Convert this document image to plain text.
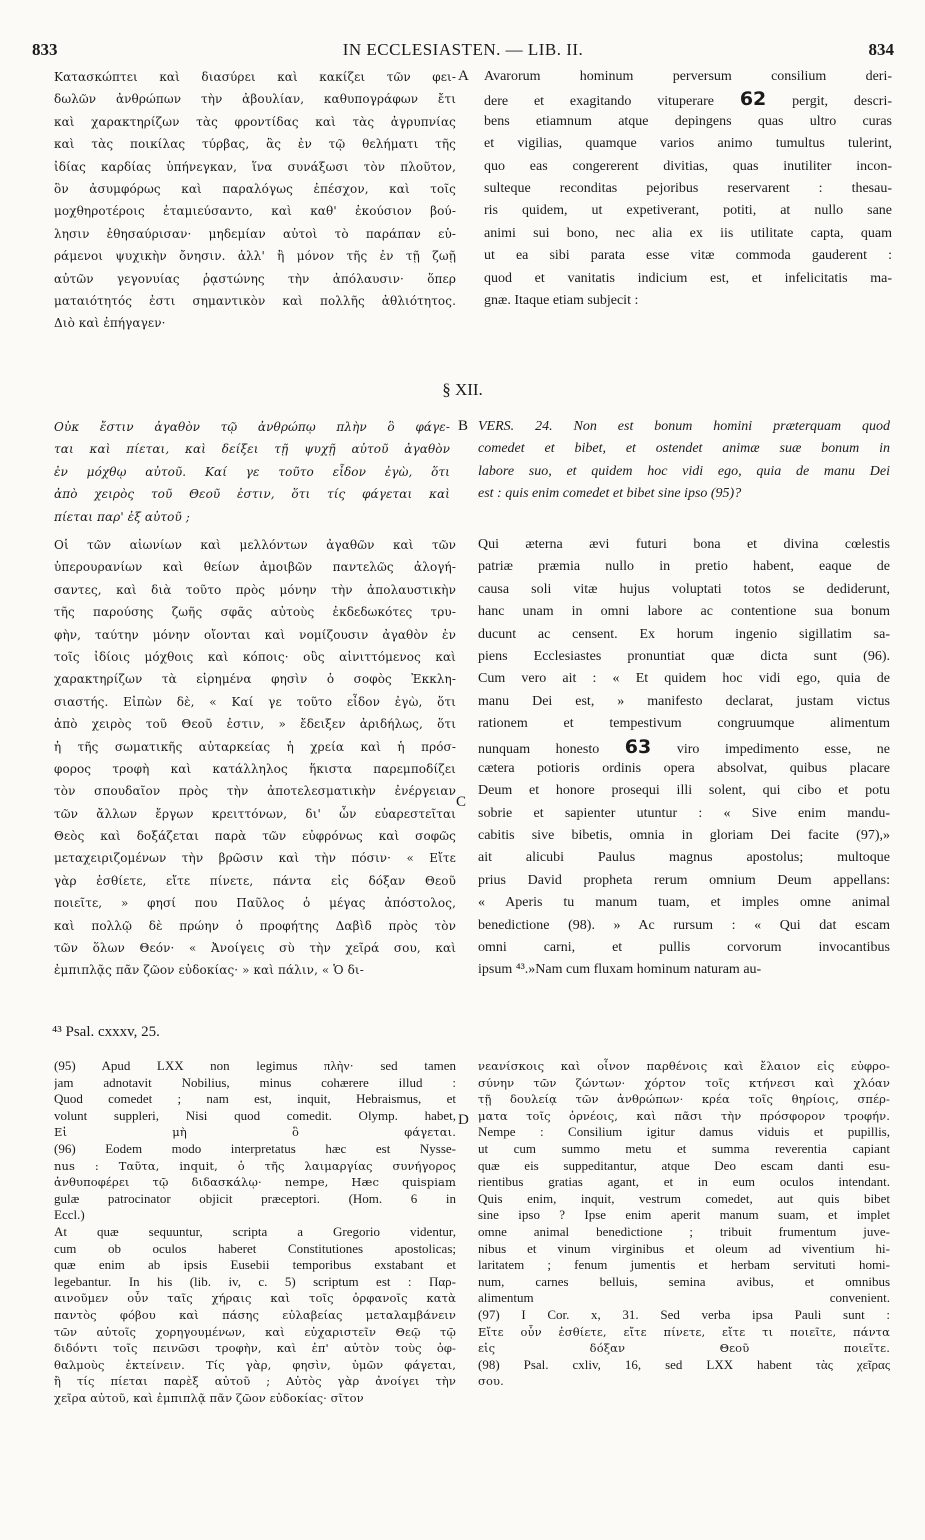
833	IN ECCLESIASTEN. — LIB. II.	834
Κατασκώπτει καὶ διασύρει καὶ κακίζει τῶν φει-
δωλῶν ἀνθρώπων τὴν ἀβουλίαν, καθυπογράφων ἔτι
καὶ χαρακτηρίζων τὰς φροντίδας καὶ τὰς ἀγρυπνίας
καὶ τὰς ποικίλας τύρβας, ἃς ἐν τῷ θελήματι τῆς
ἰδίας καρδίας ὑπήνεγκαν, ἵνα συνάξωσι τὸν πλοῦτον,
ὃν ἀσυμφόρως καὶ παραλόγως ἐπέσχον, καὶ τοῖς
μοχθηροτέροις ἐταμιεύσαντο, καὶ καθ' ἑκούσιον βού-
λησιν ἐθησαύρισαν· μηδεμίαν αὐτοὶ τὸ παράπαν εὑ-
ράμενοι ψυχικὴν ὄνησιν. ἀλλ' ἢ μόνον τῆς ἐν τῇ ζωῇ
αὐτῶν γεγονυίας ῥᾳστώνης τὴν ἀπόλαυσιν· ὅπερ
ματαιότητός ἐστι σημαντικὸν καὶ πολλῆς ἀθλιότητος.
Διὸ καὶ ἐπήγαγεν·
A Avarorum hominum perversum consilium deri-
dere et exagitando vituperare 62 pergit, descri-
bens etiamnum atque depingens quas ultro curas
et vigilias, quamque varios animo tumultus tulerint,
quo eas congererent divitias, quas inutiliter incon-
sulteque reconditas pejoribus reservarent : thesau-
ris quidem, ut expetiverant, potiti, at nullo sane
animi sui bono, nec alia ex iis utilitate capta, quam
ut ea sibi parata esse vitæ commoda gauderent :
quod et vanitatis indicium est, et infelicitatis ma-
gnæ. Itaque etiam subjecit :
§ XII.
Οὐκ ἔστιν ἀγαθὸν τῷ ἀνθρώπῳ πλὴν ὃ φάγε-
ται καὶ πίεται, καὶ δείξει τῇ ψυχῇ αὐτοῦ ἀγαθὸν
ἐν μόχθῳ αὐτοῦ. Καί γε τοῦτο εἶδον ἐγὼ, ὅτι
ἀπὸ χειρὸς τοῦ Θεοῦ ἐστιν, ὅτι τίς φάγεται καὶ
πίεται παρ' ἐξ αὐτοῦ ;
B VERS. 24. Non est bonum homini præterquam quod
comedet et bibet, et ostendet animæ suæ bonum in
labore suo, et quidem hoc vidi ego, quia de manu Dei
est : quis enim comedet et bibet sine ipso (95)?
Οἱ τῶν αἰωνίων καὶ μελλόντων ἀγαθῶν καὶ τῶν
ὑπερουρανίων καὶ θείων ἀμοιβῶν παντελῶς ἀλογή-
σαντες, καὶ διὰ τοῦτο πρὸς μόνην τὴν ἀπολαυστικὴν
τῆς παρούσης ζωῆς σφᾶς αὐτοὺς ἐκδεδωκότες τρυ-
φὴν, ταύτην μόνην οἴονται καὶ νομίζουσιν ἀγαθὸν ἐν
τοῖς ἰδίοις μόχθοις καὶ κόποις· οὓς αἰνιττόμενος καὶ
χαρακτηρίζων τὰ εἰρημένα φησὶν ὁ σοφὸς Ἐκκλη-
σιαστής. Εἰπὼν δὲ, « Καί γε τοῦτο εἶδον ἐγὼ, ὅτι
ἀπὸ χειρὸς τοῦ Θεοῦ ἐστιν, » ἔδειξεν ἀριδήλως, ὅτι
ἡ τῆς σωματικῆς αὐταρκείας ἡ χρεία καὶ ἡ πρόσ-
φορος τροφὴ καὶ κατάλληλος ἥκιστα παρεμποδίζει
τὸν σπουδαῖον πρὸς τὴν ἀποτελεσματικὴν ἐνέργειαν
τῶν ἄλλων ἔργων κρειττόνων, δι' ὧν εὐαρεστεῖται
Θεὸς καὶ δοξάζεται παρὰ τῶν εὐφρόνως καὶ σοφῶς
μεταχειριζομένων τὴν βρῶσιν καὶ τὴν πόσιν· « Εἴτε
γὰρ ἐσθίετε, εἴτε πίνετε, πάντα εἰς δόξαν Θεοῦ
ποιεῖτε, » φησί που Παῦλος ὁ μέγας ἀπόστολος,
καὶ πολλῷ δὲ πρώην ὁ προφήτης Δαβὶδ πρὸς τὸν
τῶν ὅλων Θεόν· « Ἀνοίγεις σὺ τὴν χεῖρά σου, καὶ
ἐμπιπλᾷς πᾶν ζῶον εὐδοκίας· » καὶ πάλιν, « Ὁ δι-
C
Qui æterna ævi futuri bona et divina cœlestis
patriæ præmia nullo in pretio habent, eaque de
causa soli vitæ hujus voluptati totos se dediderunt,
hanc unam in omni labore ac contentione sua bonum
ducunt ac censent. Ex horum ingenio sigillatim sa-
piens Ecclesiastes pronuntiat quæ dicta sunt (96).
Cum vero ait : « Et quidem hoc vidi ego, quia de
manu Dei est, » manifesto declarat, justam victus
rationem et tempestivum congruumque alimentum
nunquam honesto 63 viro impedimento esse, ne
cætera potioris ordinis opera absolvat, quibus placare
Deum et honore prosequi illi solent, qui cibo et potu
sobrie et sapienter utuntur : « Sive enim mandu-
cabitis sive bibetis, omnia in gloriam Dei facite (97),»
ait alicubi Paulus magnus apostolus; multoque
prius David propheta rerum omnium Deum appellans:
« Aperis tu manum tuam, et imples omne animal
benedictione (98). » Ac rursum : « Qui dat escam
omni carni, et pullis corvorum invocantibus
ipsum ⁴³.»Nam cum fluxam hominum naturam au-
⁴³ Psal. cxxxv, 25.
(95) Apud LXX non legimus πλὴν· sed tamen
jam adnotavit Nobilius, minus cohærere illud :
Quod comedet ; nam est, inquit, Hebraismus, et
volunt suppleri, Nisi quod comedit. Olymp. habet,
Εἰ μὴ ὃ φάγεται.
(96) Eodem modo interpretatus hæc est Nysse-
nus : Ταῦτα, inquit, ὁ τῆς λαιμαργίας συνήγορος
ἀνθυποφέρει τῷ διδασκάλῳ· nempe, Hæc quispiam
gulæ patrocinator objicit præceptori. (Hom. 6 in
Eccl.)
At quæ sequuntur, scripta a Gregorio videntur,
cum ob oculos haberet Constitutiones apostolicas;
quæ enim ab ipsis Eusebii temporibus exstabant et
legebantur. In his (lib. iv, c. 5) scriptum est : Παρ-
αινοῦμεν οὖν ταῖς χήραις καὶ τοῖς ὀρφανοῖς κατὰ
παντὸς φόβου καὶ πάσης εὐλαβείας μεταλαμβάνειν
τῶν αὐτοῖς χορηγουμένων, καὶ εὐχαριστεῖν Θεῷ τῷ
διδόντι τοῖς πεινῶσι τροφὴν, καὶ ἐπ' αὐτὸν τοὺς ὀφ-
θαλμοὺς ἐκτείνειν. Τίς γὰρ, φησὶν, ὑμῶν φάγεται,
ἢ τίς πίεται παρὲξ αὐτοῦ ; Αὐτὸς γὰρ ἀνοίγει τὴν
χεῖρα αὐτοῦ, καὶ ἐμπιπλᾷ πᾶν ζῶον εὐδοκίας· σῖτον
D
νεανίσκοις καὶ οἶνον παρθένοις καὶ ἔλαιον εἰς εὐφρο-
σύνην τῶν ζώντων· χόρτον τοῖς κτήνεσι καὶ χλόαν
τῇ δουλείᾳ τῶν ἀνθρώπων· κρέα τοῖς θηρίοις, σπέρ-
ματα τοῖς ὀρνέοις, καὶ πᾶσι τὴν πρόσφορον τροφήν.
Nempe : Consilium igitur damus viduis et pupillis,
ut cum summo metu et summa reverentia capiant
quæ eis suppeditantur, atque Deo escam danti esu-
rientibus gratias agant, et in eum oculos intendant.
Quis enim, inquit, vestrum comedet, aut quis bibet
sine ipso ? Ipse enim aperit manum suam, et implet
omne animal benedictione ; tribuit frumentum juve-
nibus et vinum virginibus et oleum ad viventium hi-
laritatem ; fenum jumentis et herbam servituti homi-
num, carnes belluis, semina avibus, et omnibus
alimentum convenient.
(97) I Cor. x, 31. Sed verba ipsa Pauli sunt :
Εἴτε οὖν ἐσθίετε, εἴτε πίνετε, εἴτε τι ποιεῖτε, πάντα
εἰς δόξαν Θεοῦ ποιεῖτε.
(98) Psal. cxliv, 16, sed LXX habent τὰς χεῖρας
σου.
